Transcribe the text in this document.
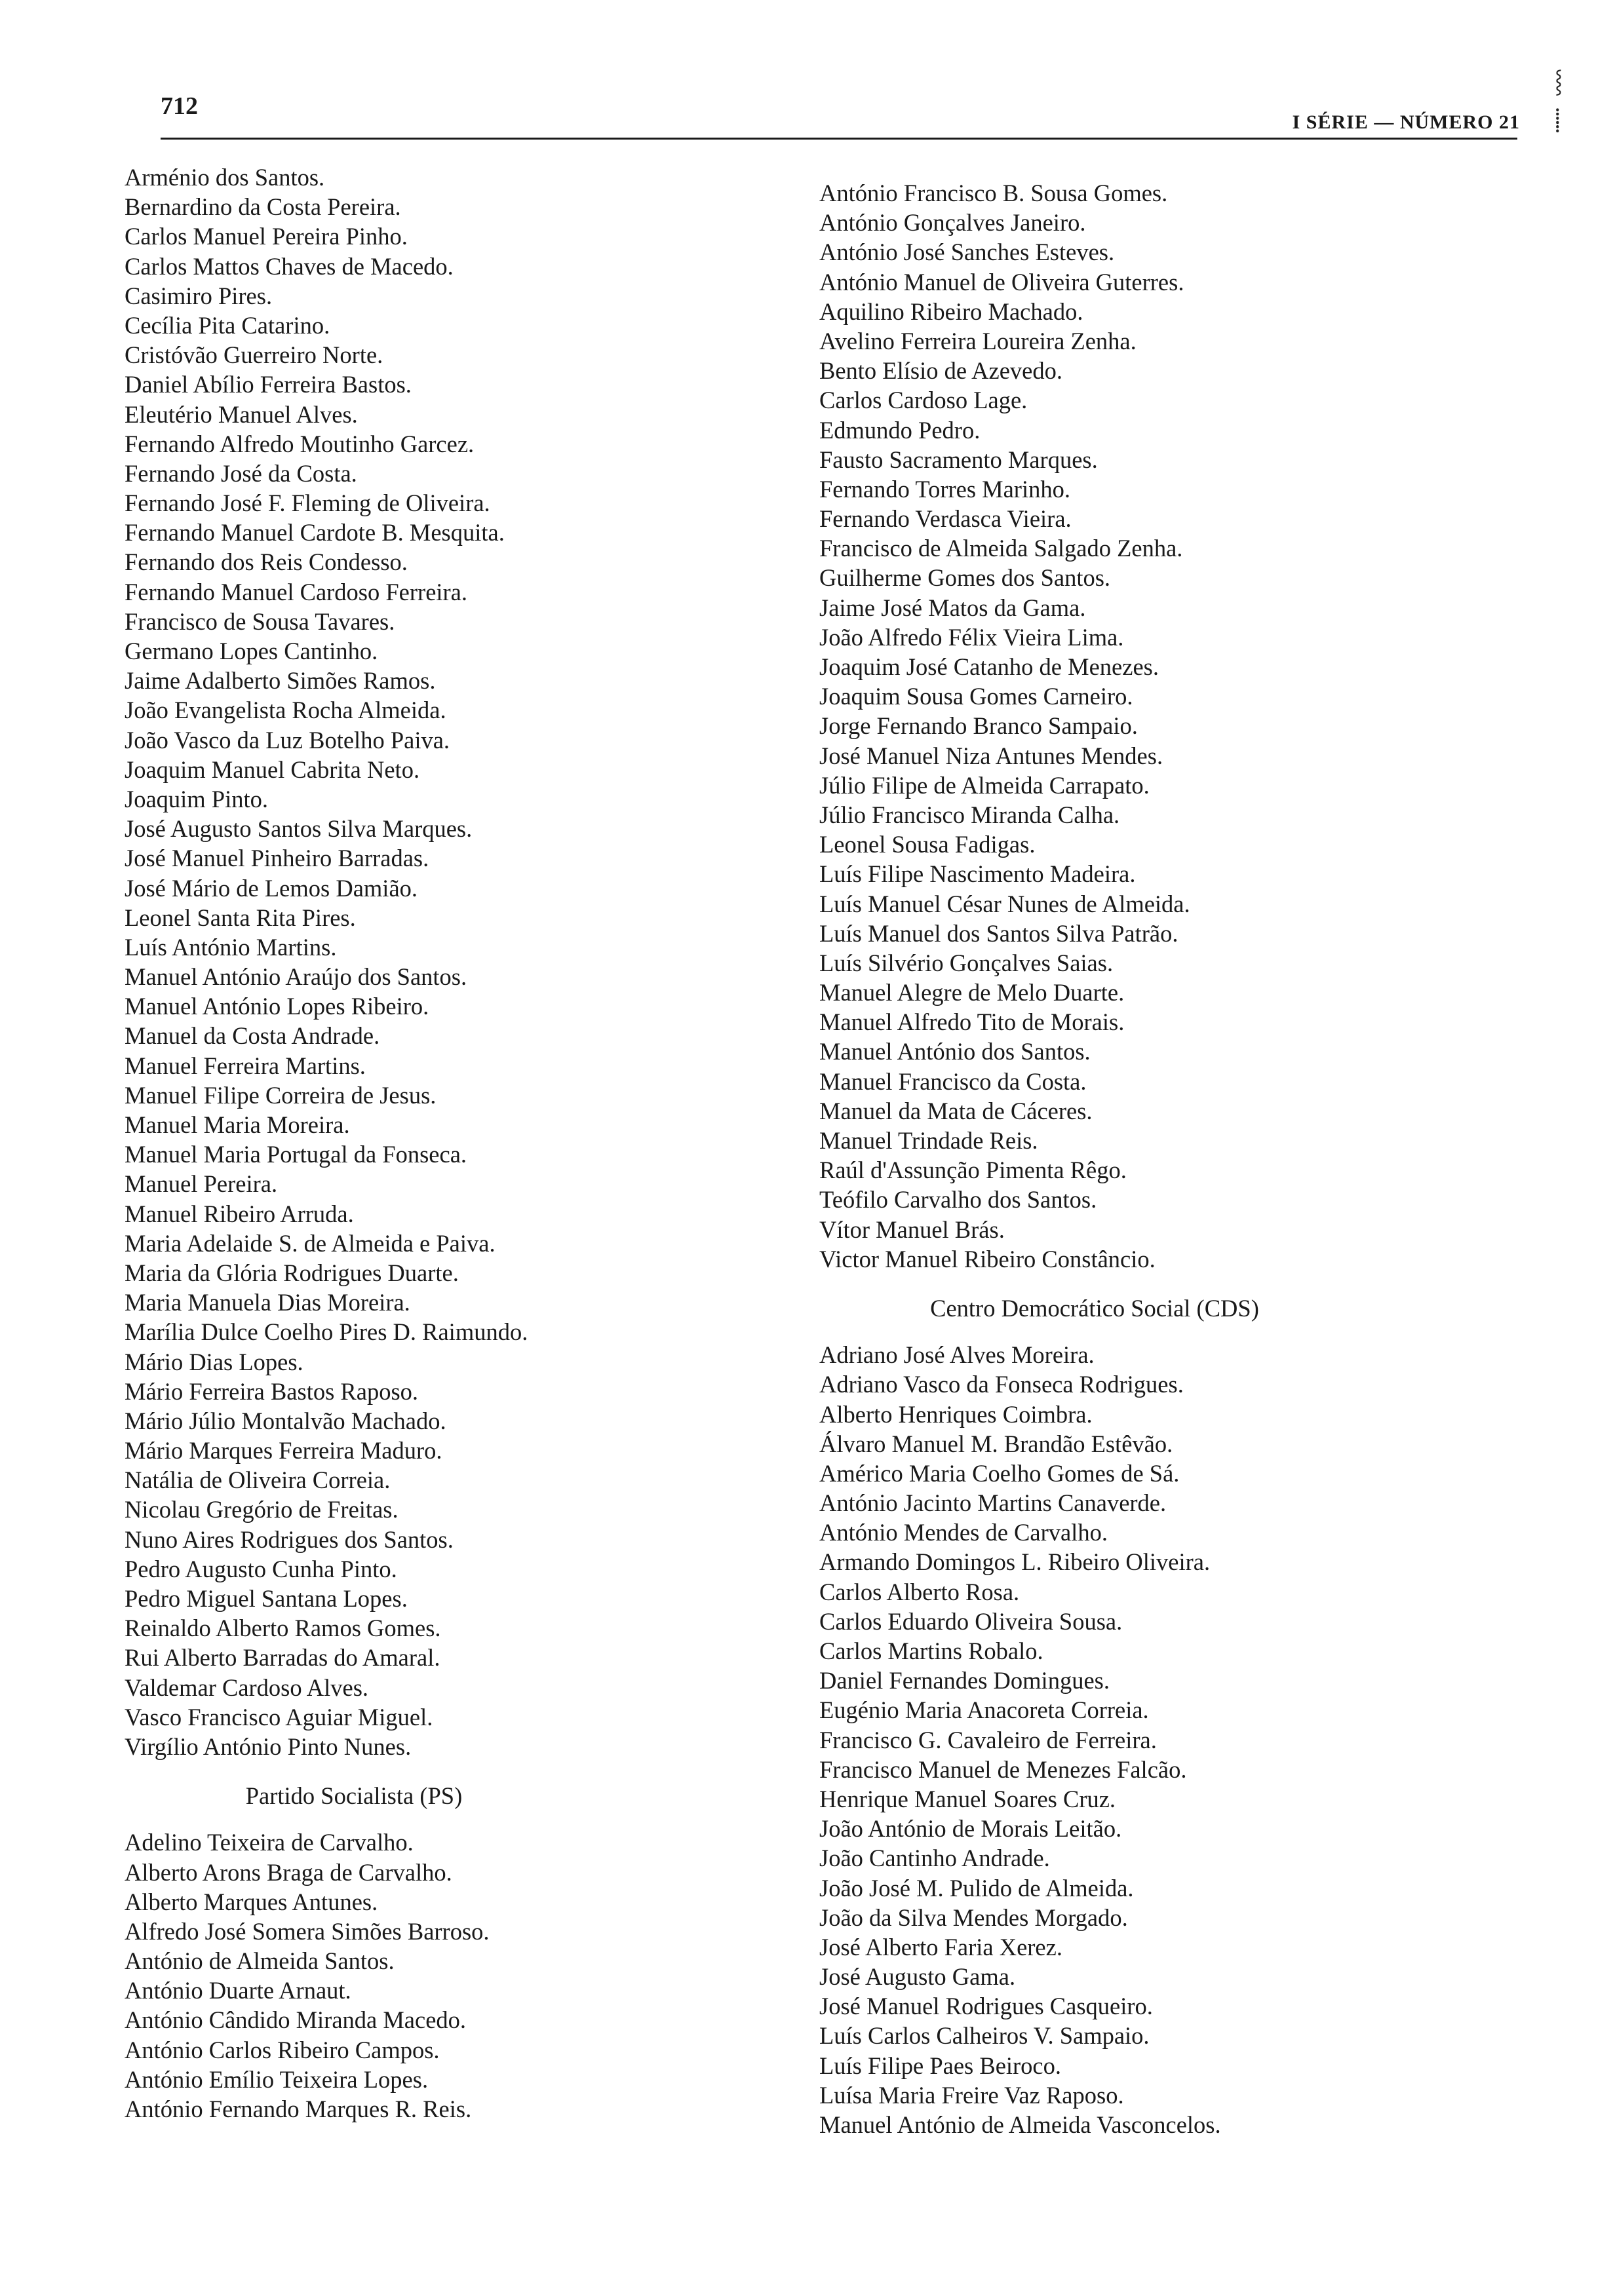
712
I SÉRIE — NÚMERO 21
⸾
⸽
Arménio dos Santos.
Bernardino da Costa Pereira.
Carlos Manuel Pereira Pinho.
Carlos Mattos Chaves de Macedo.
Casimiro Pires.
Cecília Pita Catarino.
Cristóvão Guerreiro Norte.
Daniel Abílio Ferreira Bastos.
Eleutério Manuel Alves.
Fernando Alfredo Moutinho Garcez.
Fernando José da Costa.
Fernando José F. Fleming de Oliveira.
Fernando Manuel Cardote B. Mesquita.
Fernando dos Reis Condesso.
Fernando Manuel Cardoso Ferreira.
Francisco de Sousa Tavares.
Germano Lopes Cantinho.
Jaime Adalberto Simões Ramos.
João Evangelista Rocha Almeida.
João Vasco da Luz Botelho Paiva.
Joaquim Manuel Cabrita Neto.
Joaquim Pinto.
José Augusto Santos Silva Marques.
José Manuel Pinheiro Barradas.
José Mário de Lemos Damião.
Leonel Santa Rita Pires.
Luís António Martins.
Manuel António Araújo dos Santos.
Manuel António Lopes Ribeiro.
Manuel da Costa Andrade.
Manuel Ferreira Martins.
Manuel Filipe Correira de Jesus.
Manuel Maria Moreira.
Manuel Maria Portugal da Fonseca.
Manuel Pereira.
Manuel Ribeiro Arruda.
Maria Adelaide S. de Almeida e Paiva.
Maria da Glória Rodrigues Duarte.
Maria Manuela Dias Moreira.
Marília Dulce Coelho Pires D. Raimundo.
Mário Dias Lopes.
Mário Ferreira Bastos Raposo.
Mário Júlio Montalvão Machado.
Mário Marques Ferreira Maduro.
Natália de Oliveira Correia.
Nicolau Gregório de Freitas.
Nuno Aires Rodrigues dos Santos.
Pedro Augusto Cunha Pinto.
Pedro Miguel Santana Lopes.
Reinaldo Alberto Ramos Gomes.
Rui Alberto Barradas do Amaral.
Valdemar Cardoso Alves.
Vasco Francisco Aguiar Miguel.
Virgílio António Pinto Nunes.
Partido Socialista (PS)
Adelino Teixeira de Carvalho.
Alberto Arons Braga de Carvalho.
Alberto Marques Antunes.
Alfredo José Somera Simões Barroso.
António de Almeida Santos.
António Duarte Arnaut.
António Cândido Miranda Macedo.
António Carlos Ribeiro Campos.
António Emílio Teixeira Lopes.
António Fernando Marques R. Reis.
António Francisco B. Sousa Gomes.
António Gonçalves Janeiro.
António José Sanches Esteves.
António Manuel de Oliveira Guterres.
Aquilino Ribeiro Machado.
Avelino Ferreira Loureira Zenha.
Bento Elísio de Azevedo.
Carlos Cardoso Lage.
Edmundo Pedro.
Fausto Sacramento Marques.
Fernando Torres Marinho.
Fernando Verdasca Vieira.
Francisco de Almeida Salgado Zenha.
Guilherme Gomes dos Santos.
Jaime José Matos da Gama.
João Alfredo Félix Vieira Lima.
Joaquim José Catanho de Menezes.
Joaquim Sousa Gomes Carneiro.
Jorge Fernando Branco Sampaio.
José Manuel Niza Antunes Mendes.
Júlio Filipe de Almeida Carrapato.
Júlio Francisco Miranda Calha.
Leonel Sousa Fadigas.
Luís Filipe Nascimento Madeira.
Luís Manuel César Nunes de Almeida.
Luís Manuel dos Santos Silva Patrão.
Luís Silvério Gonçalves Saias.
Manuel Alegre de Melo Duarte.
Manuel Alfredo Tito de Morais.
Manuel António dos Santos.
Manuel Francisco da Costa.
Manuel da Mata de Cáceres.
Manuel Trindade Reis.
Raúl d'Assunção Pimenta Rêgo.
Teófilo Carvalho dos Santos.
Vítor Manuel Brás.
Victor Manuel Ribeiro Constâncio.
Centro Democrático Social (CDS)
Adriano José Alves Moreira.
Adriano Vasco da Fonseca Rodrigues.
Alberto Henriques Coimbra.
Álvaro Manuel M. Brandão Estêvão.
Américo Maria Coelho Gomes de Sá.
António Jacinto Martins Canaverde.
António Mendes de Carvalho.
Armando Domingos L. Ribeiro Oliveira.
Carlos Alberto Rosa.
Carlos Eduardo Oliveira Sousa.
Carlos Martins Robalo.
Daniel Fernandes Domingues.
Eugénio Maria Anacoreta Correia.
Francisco G. Cavaleiro de Ferreira.
Francisco Manuel de Menezes Falcão.
Henrique Manuel Soares Cruz.
João António de Morais Leitão.
João Cantinho Andrade.
João José M. Pulido de Almeida.
João da Silva Mendes Morgado.
José Alberto Faria Xerez.
José Augusto Gama.
José Manuel Rodrigues Casqueiro.
Luís Carlos Calheiros V. Sampaio.
Luís Filipe Paes Beiroco.
Luísa Maria Freire Vaz Raposo.
Manuel António de Almeida Vasconcelos.
